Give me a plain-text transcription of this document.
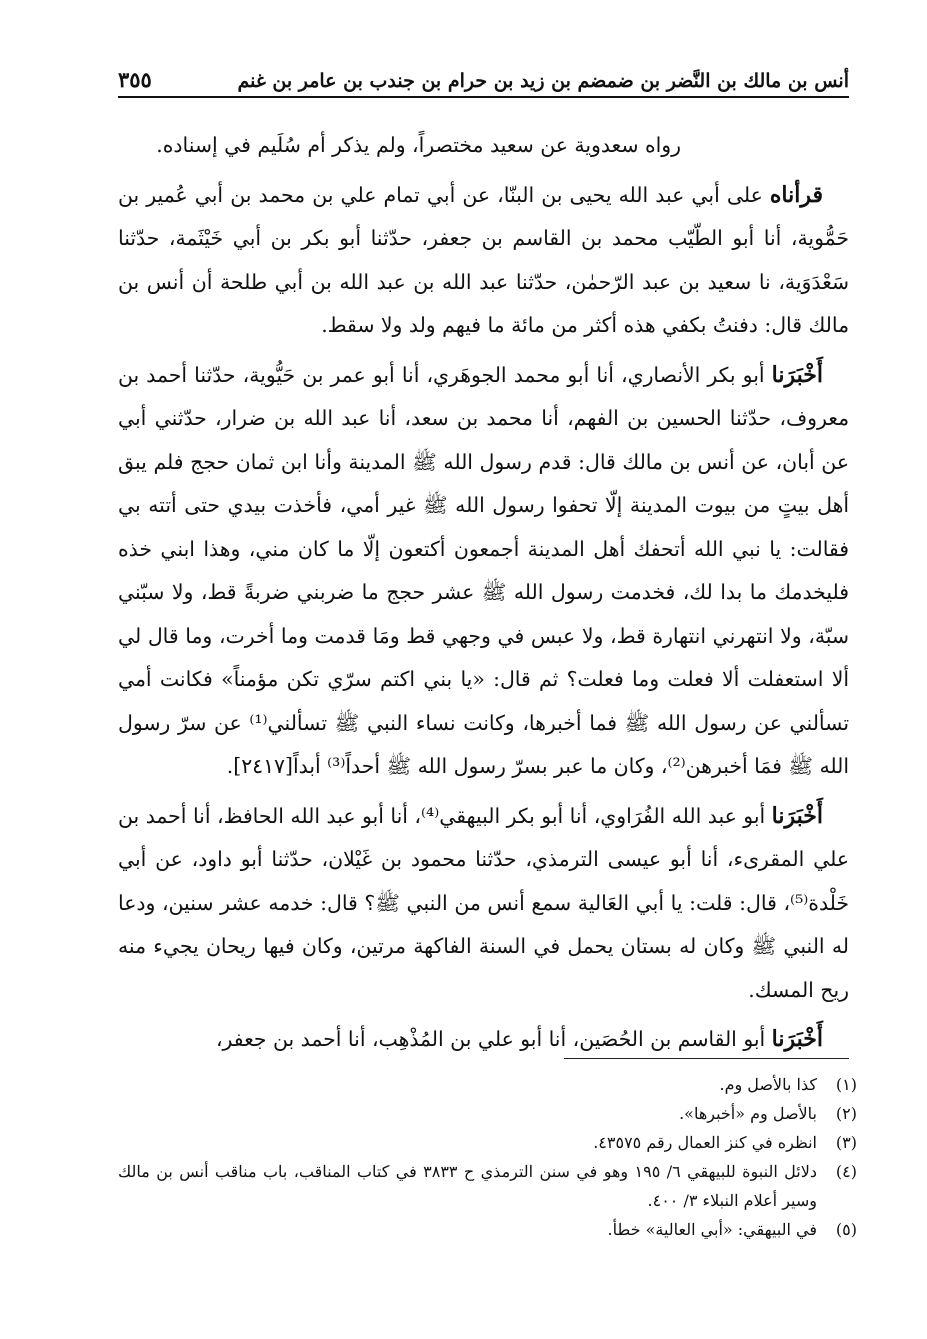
أنس بن مالك بن النَّضر بن ضمضم بن زيد بن حرام بن جندب بن عامر بن غنم
٣٥٥

رواه سعدوية عن سعيد مختصراً، ولم يذكر أم سُلَيم في إسناده.

قرأناه على أبي عبد الله يحيى بن البنّا، عن أبي تمام علي بن محمد بن أبي عُمير بن حَمُّوية، أنا أبو الطّيّب محمد بن القاسم بن جعفر، حدّثنا أبو بكر بن أبي خَيْثَمة، حدّثنا سَعْدَوَية، نا سعيد بن عبد الرّحمٰن، حدّثنا عبد الله بن عبد الله بن أبي طلحة أن أنس بن مالك قال: دفنتُ بكفي هذه أكثر من مائة ما فيهم ولد ولا سقط.

أَخْبَرَنا أبو بكر الأنصاري، أنا أبو محمد الجوهَري، أنا أبو عمر بن حَيُّوية، حدّثنا أحمد بن معروف، حدّثنا الحسين بن الفهم، أنا محمد بن سعد، أنا عبد الله بن ضرار، حدّثني أبي عن أبان، عن أنس بن مالك قال: قدم رسول الله ﷺ المدينة وأنا ابن ثمان حجج فلم يبق أهل بيتٍ من بيوت المدينة إلّا تحفوا رسول الله ﷺ غير أمي، فأخذت بيدي حتى أتته بي فقالت: يا نبي الله أتحفك أهل المدينة أجمعون أكتعون إلّا ما كان مني، وهذا ابني خذه فليخدمك ما بدا لك، فخدمت رسول الله ﷺ عشر حجج ما ضربني ضربةً قط، ولا سبّني سبّة، ولا انتهرني انتهارة قط، ولا عبس في وجهي قط ومَا قدمت وما أخرت، وما قال لي ألا استعفلت ألا فعلت وما فعلت؟ ثم قال: «يا بني اكتم سرّي تكن مؤمناً» فكانت أمي تسألني عن رسول الله ﷺ فما أخبرها، وكانت نساء النبي ﷺ تسألني⁽¹⁾ عن سرّ رسول الله ﷺ فمَا أخبرهن⁽²⁾، وكان ما عبر بسرّ رسول الله ﷺ أحداً⁽³⁾ أبداً[٢٤١٧].

أَخْبَرَنا أبو عبد الله الفُرَاوي، أنا أبو بكر البيهقي⁽⁴⁾، أنا أبو عبد الله الحافظ، أنا أحمد بن علي المقرىء، أنا أبو عيسى الترمذي، حدّثنا محمود بن غَيْلان، حدّثنا أبو داود، عن أبي خَلْدة⁽⁵⁾، قال: قلت: يا أبي العَالية سمع أنس من النبي ﷺ؟ قال: خدمه عشر سنين، ودعا له النبي ﷺ وكان له بستان يحمل في السنة الفاكهة مرتين، وكان فيها ريحان يجيء منه ريح المسك.

أَخْبَرَنا أبو القاسم بن الحُصَين، أنا أبو علي بن المُذْهِب، أنا أحمد بن جعفر،

(١)
كذا بالأصل وم.
(٢)
بالأصل وم «أخبرها».
(٣)
انظره في كنز العمال رقم ٤٣٥٧٥.
(٤)
دلائل النبوة للبيهقي ٦/ ١٩٥ وهو في سنن الترمذي ح ٣٨٣٣ في كتاب المناقب، باب مناقب أنس بن مالك وسير أعلام النبلاء ٣/ ٤٠٠.
(٥)
في البيهقي: «أبي العالية» خطأ.
